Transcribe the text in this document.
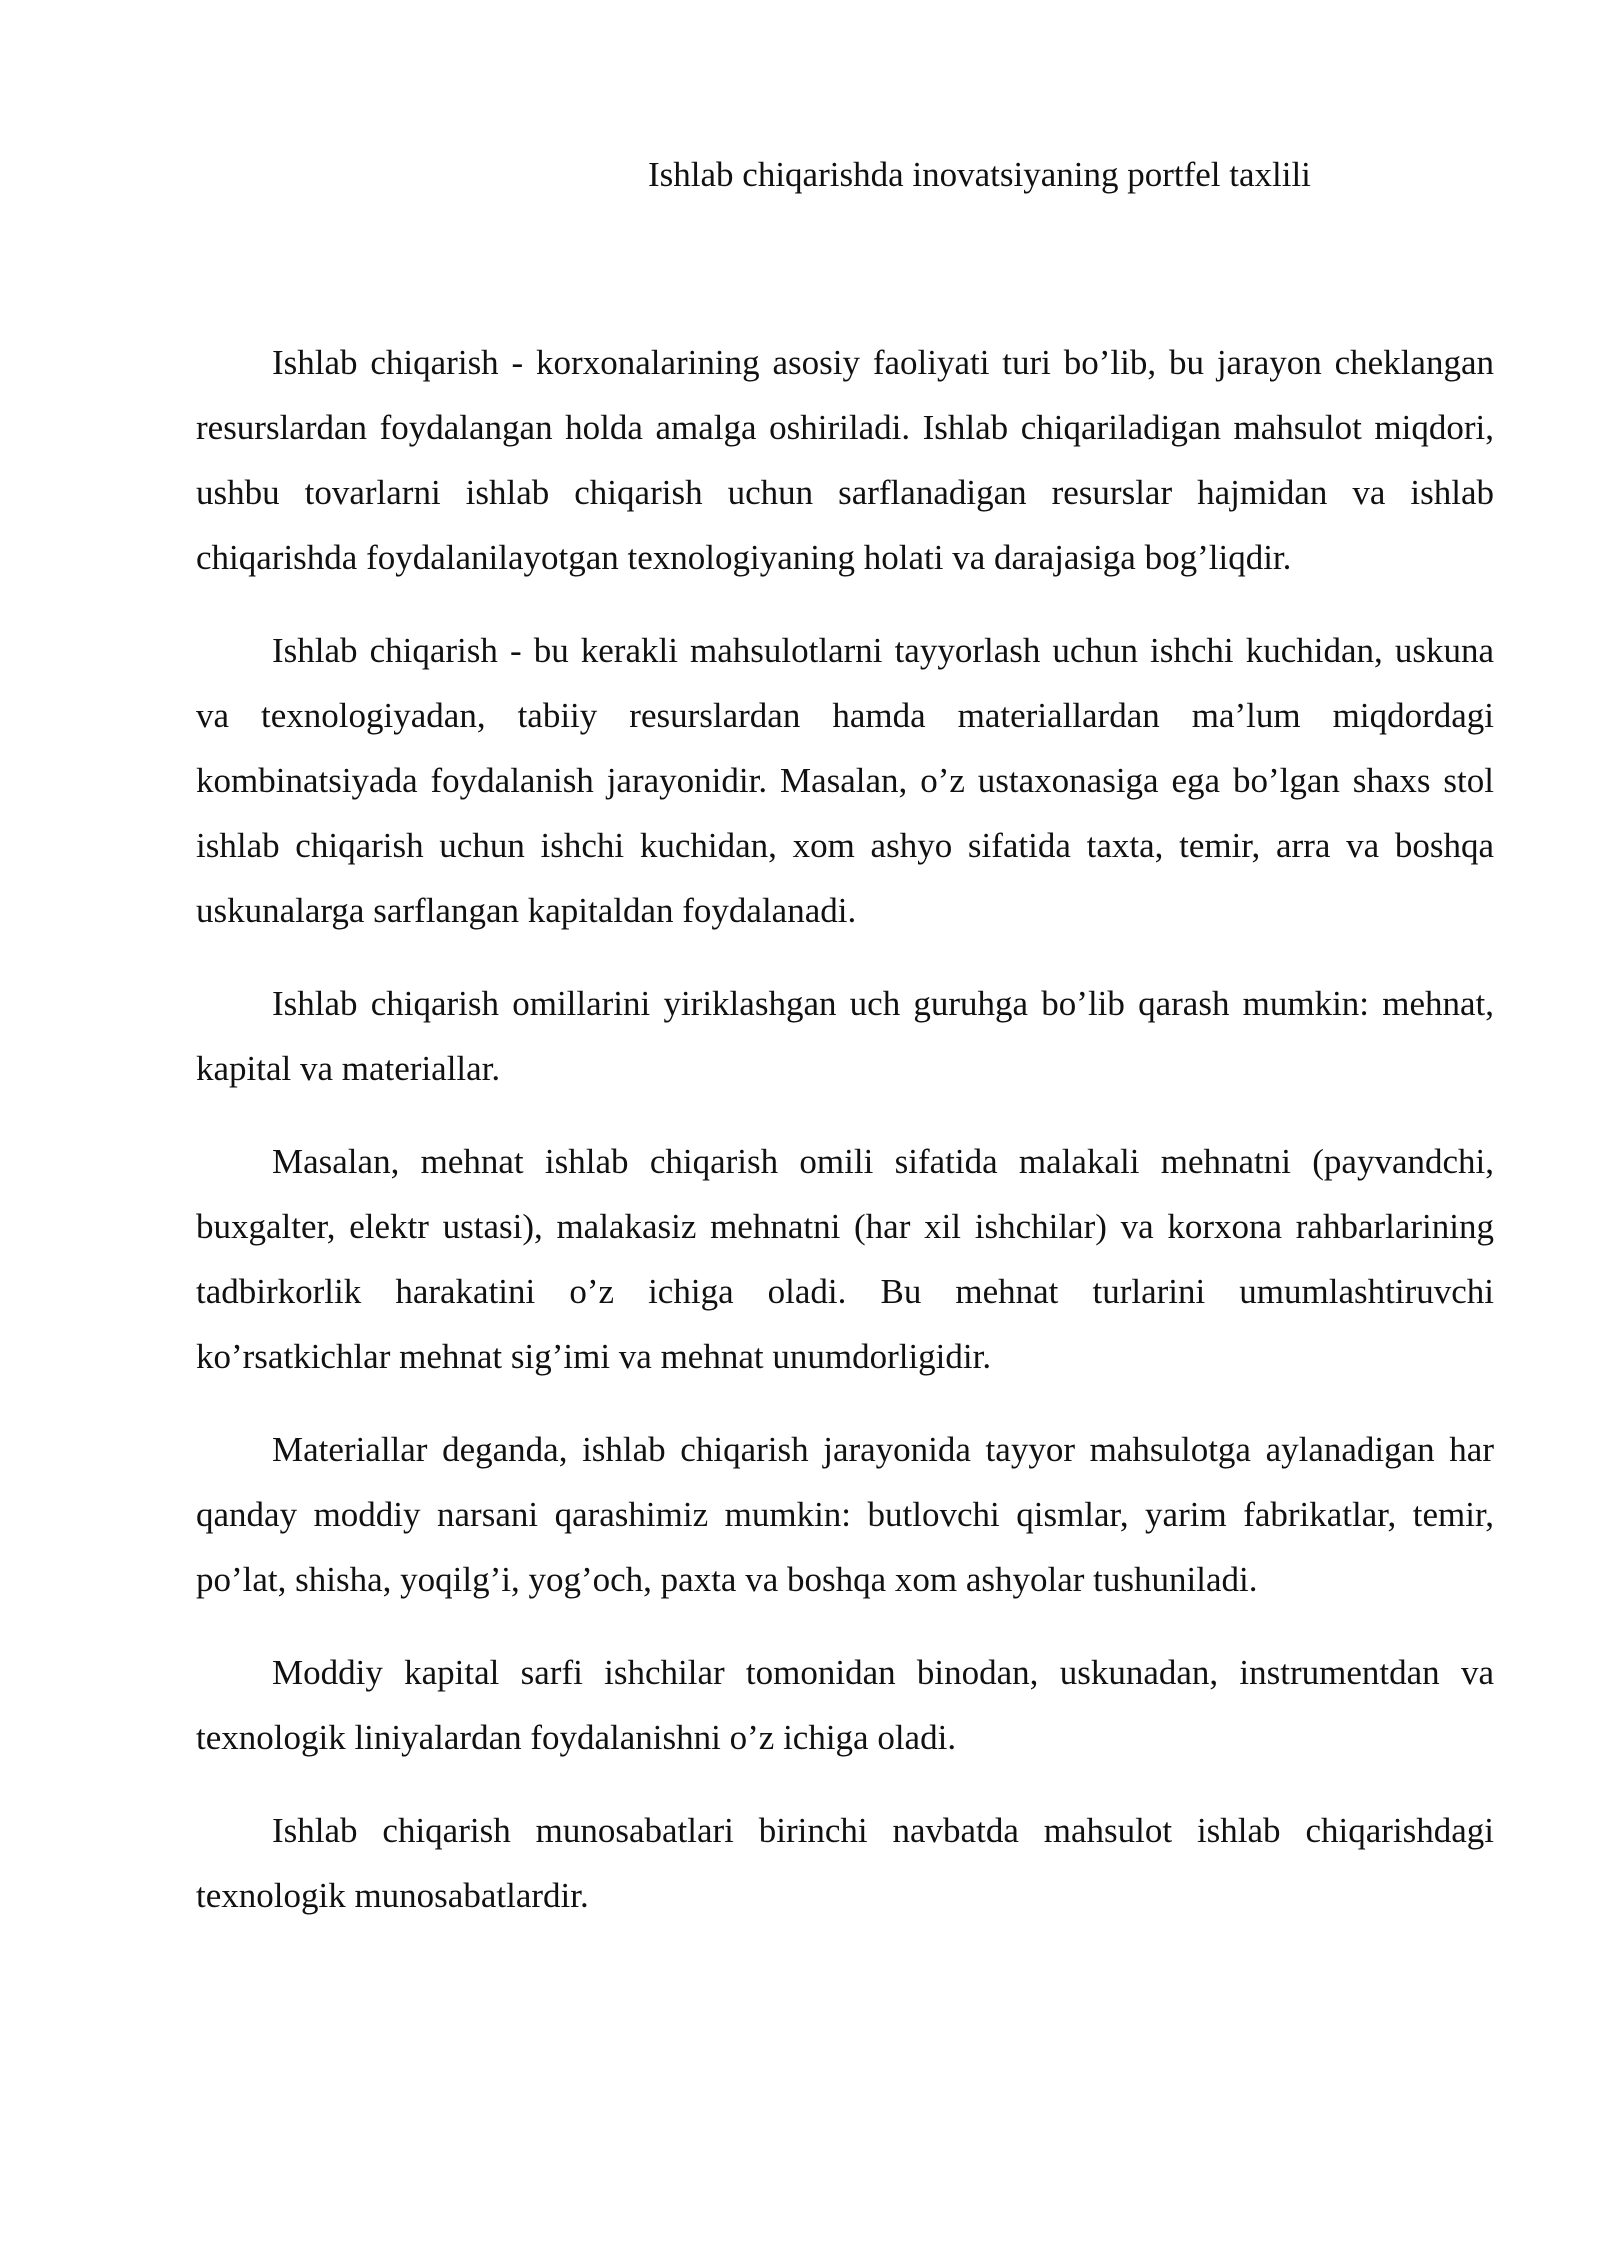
Ishlab chiqarishda inovatsiyaning portfel taxlili

Ishlab chiqarish - korxonalarining asosiy faoliyati turi bo’lib, bu jarayon cheklangan resurslardan foydalangan holda amalga oshiriladi. Ishlab chiqariladigan mahsulot miqdori, ushbu tovarlarni ishlab chiqarish uchun sarflanadigan resurslar hajmidan va ishlab chiqarishda foydalanilayotgan texnologiyaning holati va darajasiga bog’liqdir.

Ishlab chiqarish - bu kerakli mahsulotlarni tayyorlash uchun ishchi kuchidan, uskuna va texnologiyadan, tabiiy resurslardan hamda materiallardan ma’lum miqdordagi kombinatsiyada foydalanish jarayonidir. Masalan, o’z ustaxonasiga ega bo’lgan shaxs stol ishlab chiqarish uchun ishchi kuchidan, xom ashyo sifatida taxta, temir, arra va boshqa uskunalarga sarflangan kapitaldan foydalanadi.

Ishlab chiqarish omillarini yiriklashgan uch guruhga bo’lib qarash mumkin: mehnat, kapital va materiallar.

Masalan, mehnat ishlab chiqarish omili sifatida malakali mehnatni (payvandchi, buxgalter, elektr ustasi), malakasiz mehnatni (har xil ishchilar) va korxona rahbarlarining tadbirkorlik harakatini o’z ichiga oladi. Bu mehnat turlarini umumlashtiruvchi ko’rsatkichlar mehnat sig’imi va mehnat unumdorligidir.

Materiallar deganda, ishlab chiqarish jarayonida tayyor mahsulotga aylanadigan har qanday moddiy narsani qarashimiz mumkin: butlovchi qismlar, yarim fabrikatlar, temir, po’lat, shisha, yoqilg’i, yog’och, paxta va boshqa xom ashyolar tushuniladi.

Moddiy kapital sarfi ishchilar tomonidan binodan, uskunadan, instrumentdan va texnologik liniyalardan foydalanishni o’z ichiga oladi.

Ishlab chiqarish munosabatlari birinchi navbatda mahsulot ishlab chiqarishdagi texnologik munosabatlardir.
